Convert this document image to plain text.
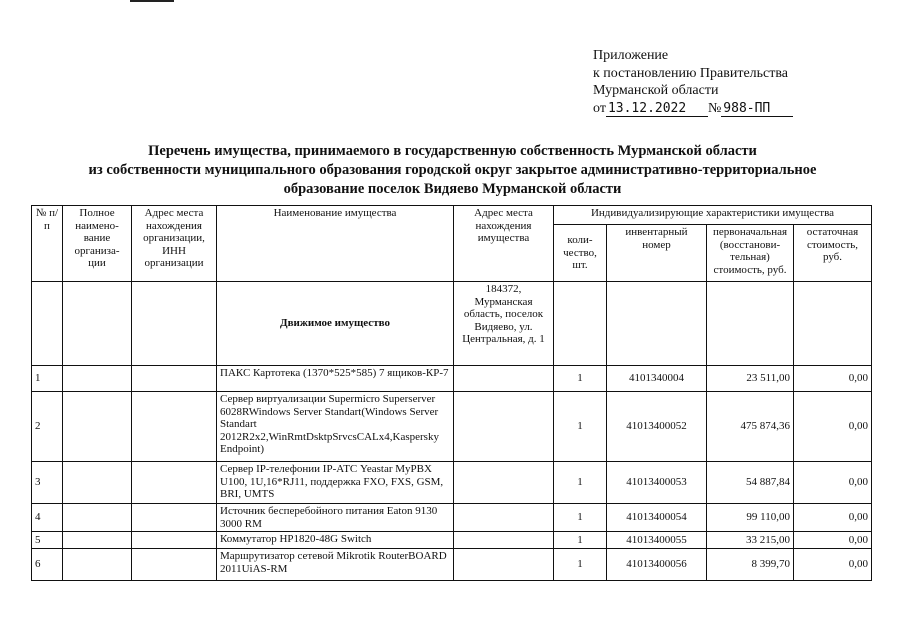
Приложение
к постановлению Правительства
Мурманской области
от 13.12.2022 № 988-ПП
Перечень имущества, принимаемого в государственную собственность Мурманской области
из собственности муниципального образования городской округ закрытое административно-территориальное
образование поселок Видяево Мурманской области
№ п/п	Полное наимено-вание организа-ции	Адрес места нахождения организации, ИНН организации	Наименование имущества	Адрес места нахождения имущества	Индивидуализирующие характеристики имущества			
					коли-чество, шт.	инвентарный номер	первоначальная (восстанови-тельная) стоимость, руб.	остаточная стоимость, руб.
			Движимое имущество	184372, Мурманская область, поселок Видяево, ул. Центральная, д. 1				
1			ПАКС Картотека (1370*525*585) 7 ящиков-КР-7		1	4101340004	23 511,00	0,00
2			Сервер виртуализации Supermicro Superserver 6028RWindows Server Standart(Windows Server Standart 2012R2x2,WinRmtDsktpSrvcsCALx4,Kaspersky Endpoint)		1	41013400052	475 874,36	0,00
3			Сервер IP-телефонии IP-АТС Yeastar MyPBX U100, 1U,16*RJ11, поддержка FXO, FXS, GSM, BRI, UMTS		1	41013400053	54 887,84	0,00
4			Источник бесперебойного питания Eaton 9130 3000 RM		1	41013400054	99 110,00	0,00
5			Коммутатор HP1820-48G Switch		1	41013400055	33 215,00	0,00
6			Маршрутизатор сетевой Mikrotik RouterBOARD 2011UiAS-RM		1	41013400056	8 399,70	0,00
